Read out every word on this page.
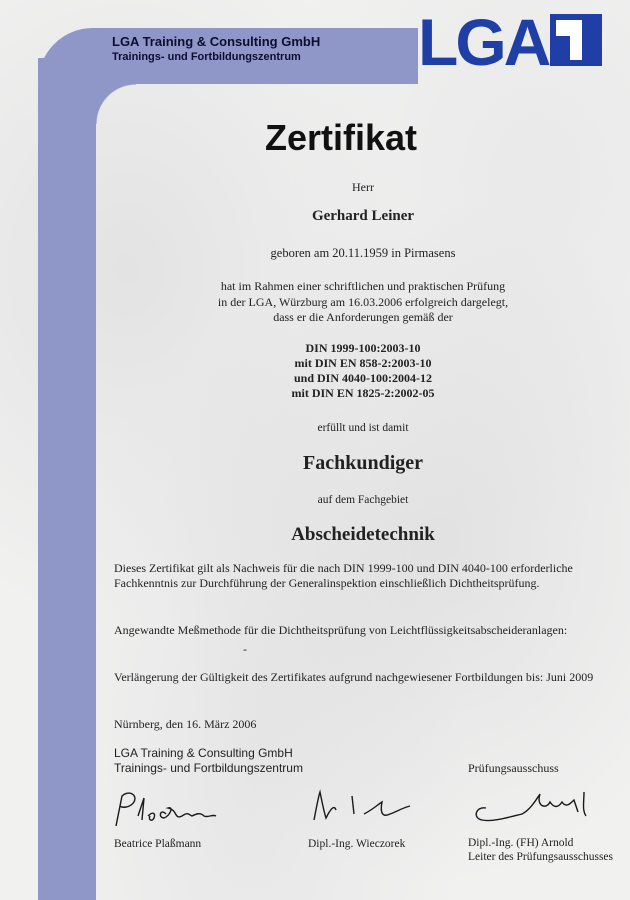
LGA Training & Consulting GmbH
Trainings- und Fortbildungszentrum LGA
Zertifikat
Herr
Gerhard Leiner
geboren am 20.11.1959 in Pirmasens
hat im Rahmen einer schriftlichen und praktischen Prüfung
in der LGA, Würzburg am 16.03.2006 erfolgreich dargelegt,
dass er die Anforderungen gemäß der
DIN 1999-100:2003-10
mit DIN EN 858-2:2003-10
und DIN 4040-100:2004-12
mit DIN EN 1825-2:2002-05
erfüllt und ist damit
Fachkundiger
auf dem Fachgebiet
Abscheidetechnik
Dieses Zertifikat gilt als Nachweis für die nach DIN 1999-100 und DIN 4040-100 erforderliche Fachkenntnis zur Durchführung der Generalinspektion einschließlich Dichtheitsprüfung.
Angewandte Meßmethode für die Dichtheitsprüfung von Leichtflüssigkeitsabscheideranlagen:
-
Verlängerung der Gültigkeit des Zertifikates aufgrund nachgewiesener Fortbildungen bis: Juni 2009
Nürnberg, den 16. März 2006
LGA Training & Consulting GmbH
Trainings- und Fortbildungszentrum	Prüfungsausschuss
Beatrice Plaßmann	Dipl.-Ing. Wieczorek	Dipl.-Ing. (FH) Arnold
Leiter des Prüfungsausschusses
